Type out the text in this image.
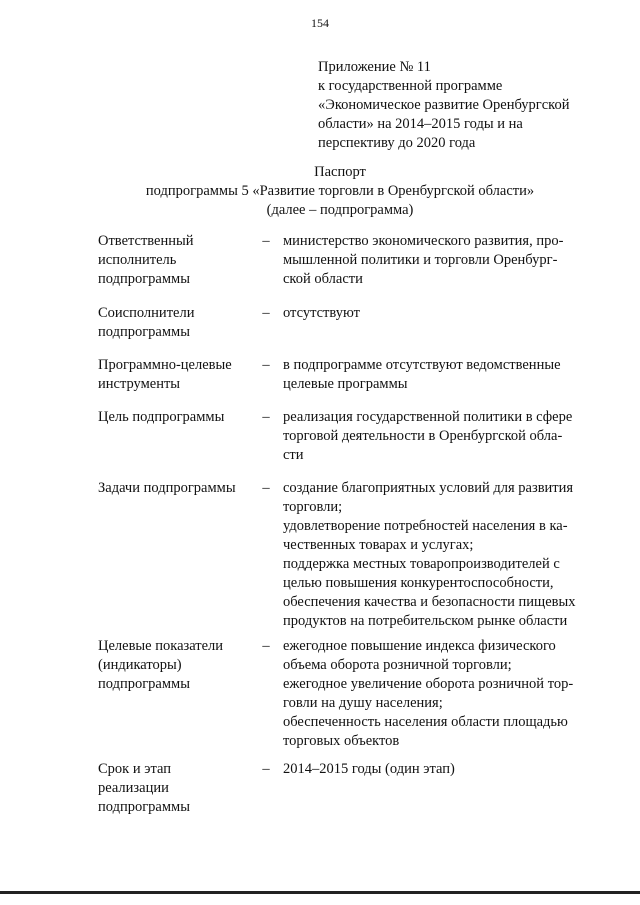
154
Приложение № 11
к государственной программе
«Экономическое развитие Оренбургской
области» на 2014–2015 годы и на
перспективу до 2020 года
Паспорт
подпрограммы 5 «Развитие торговли в Оренбургской области»
(далее – подпрограмма)
Ответственный
исполнитель
подпрограммы
– министерство экономического развития, про-
мышленной политики и торговли Оренбург-
ской области
Соисполнители
подпрограммы
– отсутствуют
Программно-целевые
инструменты
– в подпрограмме отсутствуют ведомственные
целевые программы
Цель подпрограммы	– реализация государственной политики в сфере
торговой деятельности в Оренбургской обла-
сти
Задачи подпрограммы	– создание благоприятных условий для развития
торговли;
удовлетворение потребностей населения в ка-
чественных товарах и услугах;
поддержка местных товаропроизводителей с
целью повышения конкурентоспособности,
обеспечения качества и безопасности пищевых
продуктов на потребительском рынке области
Целевые показатели
(индикаторы)
подпрограммы
– ежегодное повышение индекса физического
объема оборота розничной торговли;
ежегодное увеличение оборота розничной тор-
говли на душу населения;
обеспеченность населения области площадью
торговых объектов
Срок и этап
реализации
подпрограммы
– 2014–2015 годы (один этап)
